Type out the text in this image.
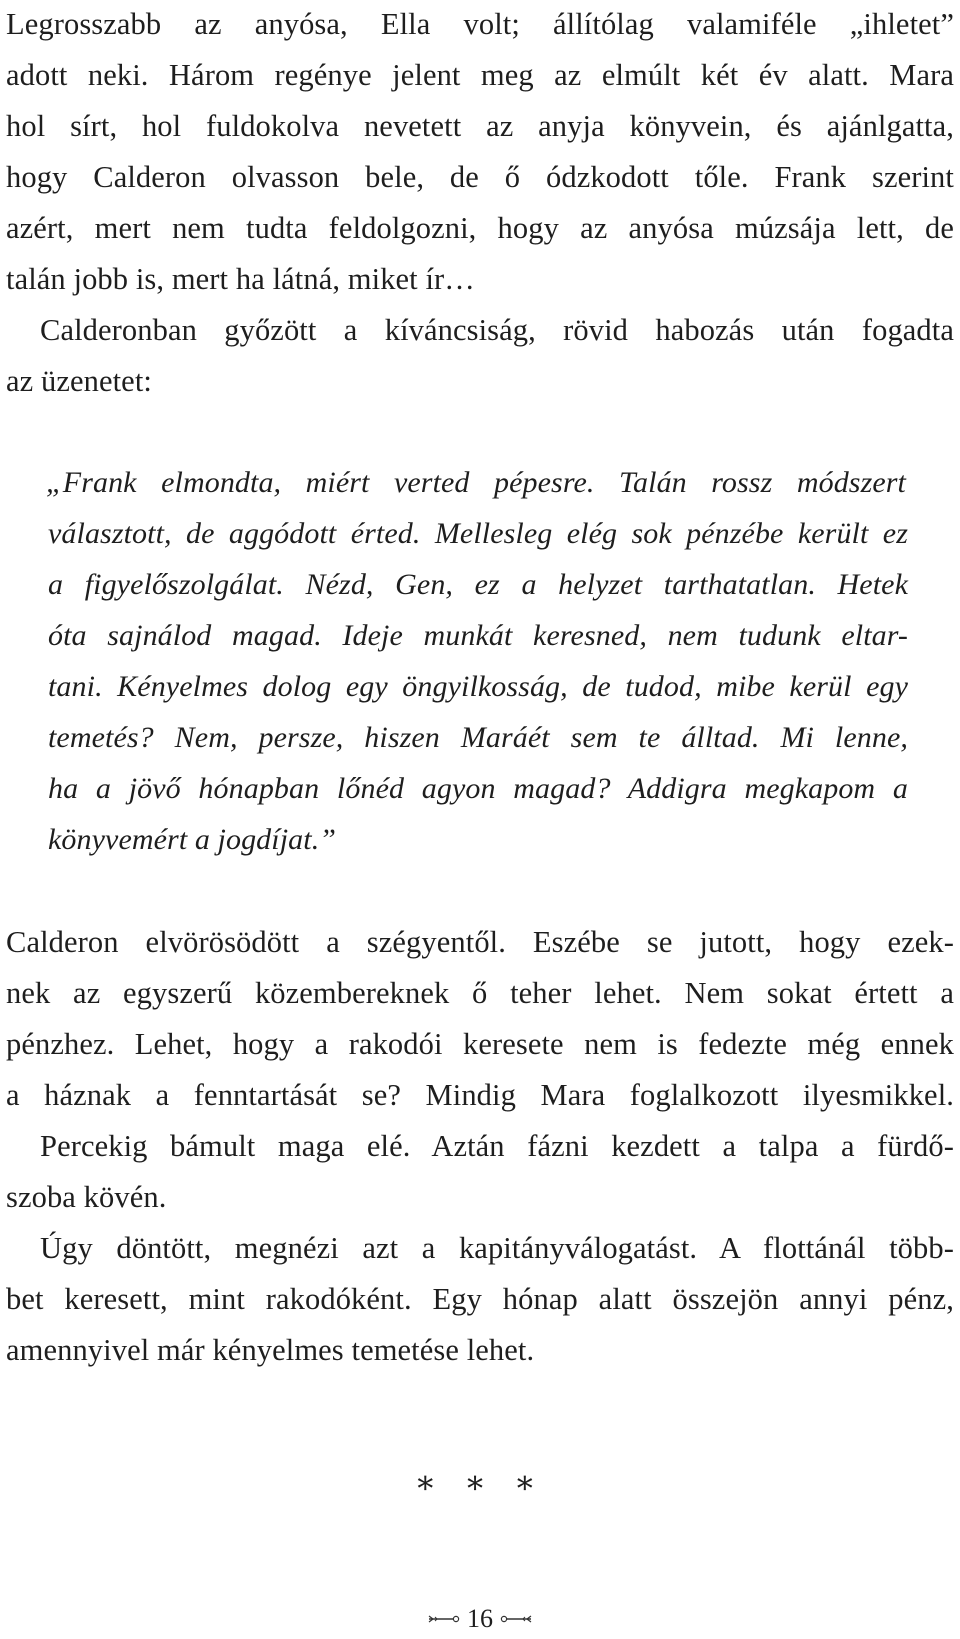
Legrosszabb az anyósa, Ella volt; állítólag valamiféle „ihletet”
adott neki. Három regénye jelent meg az elmúlt két év alatt. Mara
hol sírt, hol fuldokolva nevetett az anyja könyvein, és ajánlgatta,
hogy Calderon olvasson bele, de ő ódzkodott tőle. Frank szerint
azért, mert nem tudta feldolgozni, hogy az anyósa múzsája lett, de
talán jobb is, mert ha látná, miket ír…
Calderonban győzött a kíváncsiság, rövid habozás után fogadta
az üzenetet:
„Frank elmondta, miért verted pépesre. Talán rossz módszert
választott, de aggódott érted. Mellesleg elég sok pénzébe került ez
a figyelőszolgálat. Nézd, Gen, ez a helyzet tarthatatlan. Hetek
óta sajnálod magad. Ideje munkát keresned, nem tudunk eltar-
tani. Kényelmes dolog egy öngyilkosság, de tudod, mibe kerül egy
temetés? Nem, persze, hiszen Maráét sem te álltad. Mi lenne,
ha a jövő hónapban lőnéd agyon magad? Addigra megkapom a
könyvemért a jogdíjat.”
Calderon elvörösödött a szégyentől. Eszébe se jutott, hogy ezek-
nek az egyszerű közembereknek ő teher lehet. Nem sokat értett a
pénzhez. Lehet, hogy a rakodói keresete nem is fedezte még ennek
a háznak a fenntartását se? Mindig Mara foglalkozott ilyesmikkel.
Percekig bámult maga elé. Aztán fázni kezdett a talpa a fürdő-
szoba kövén.
Úgy döntött, megnézi azt a kapitányválogatást. A flottánál több-
bet keresett, mint rakodóként. Egy hónap alatt összejön annyi pénz,
amennyivel már kényelmes temetése lehet.
∗ ∗ ∗
16
